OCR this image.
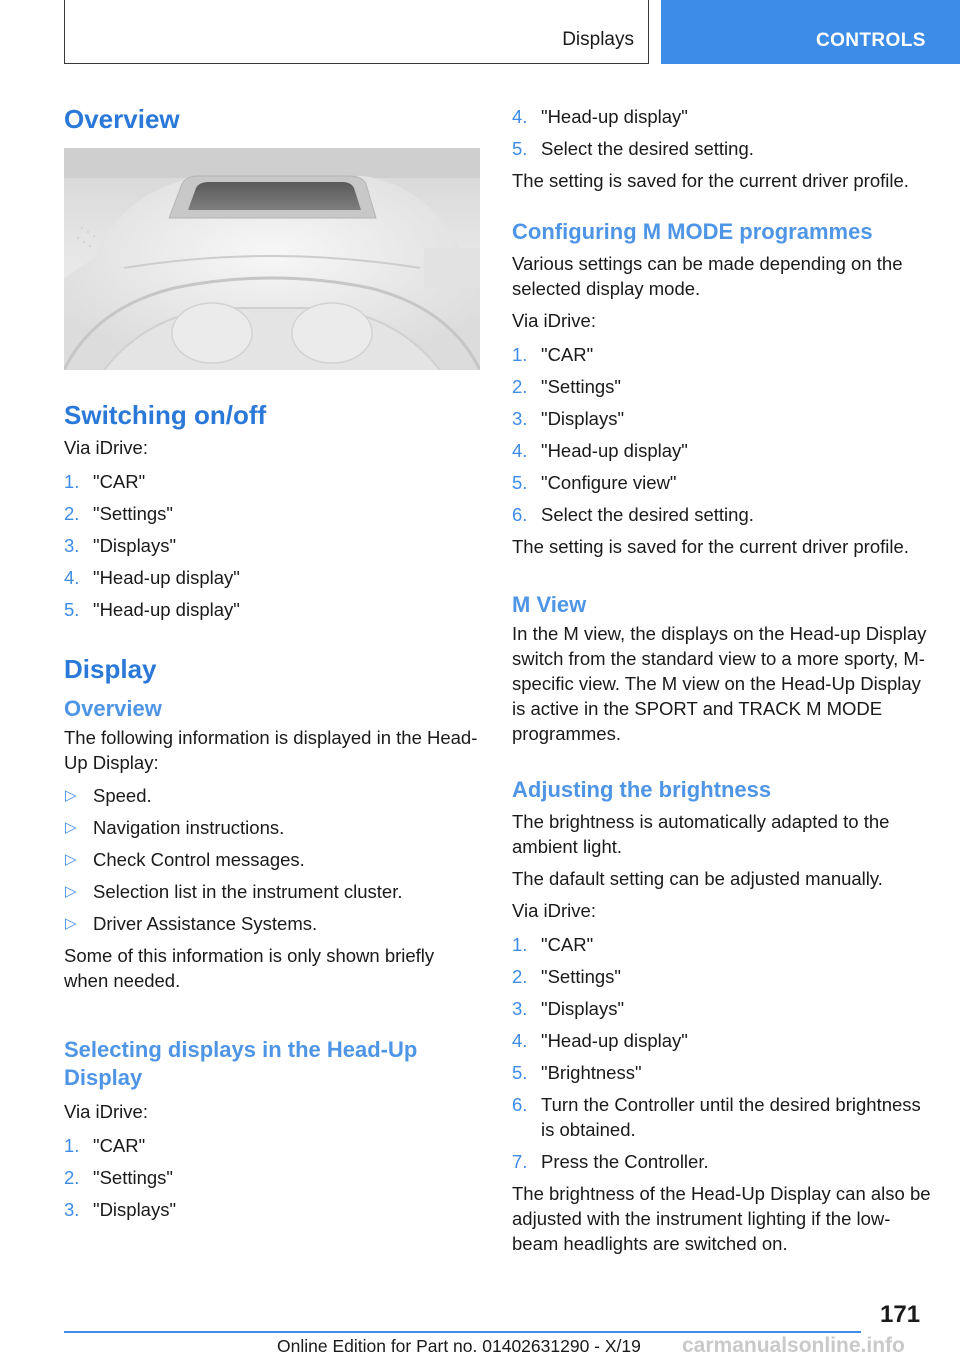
Displays	CONTROLS
Overview
Switching on/off

Via iDrive:

1. "CAR"
2. "Settings"
3. "Displays"
4. "Head-up display"
5. "Head-up display"
Display
Overview

The following information is displayed in the Head-Up Display:

▷ Speed.
▷ Navigation instructions.
▷ Check Control messages.
▷ Selection list in the instrument cluster.
▷ Driver Assistance Systems.

Some of this information is only shown briefly when needed.

Selecting displays in the Head-Up Display

Via iDrive:

1. "CAR"
2. "Settings"
3. "Displays"
4. "Head-up display"
5. Select the desired setting.

The setting is saved for the current driver profile.

Configuring M MODE programmes

Various settings can be made depending on the selected display mode.

Via iDrive:

1. "CAR"
2. "Settings"
3. "Displays"
4. "Head-up display"
5. "Configure view"
6. Select the desired setting.

The setting is saved for the current driver profile.

M View

In the M view, the displays on the Head-up Display switch from the standard view to a more sporty, M-specific view. The M view on the Head-Up Display is active in the SPORT and TRACK M MODE programmes.

Adjusting the brightness

The brightness is automatically adapted to the ambient light.

The dafault setting can be adjusted manually.

Via iDrive:

1. "CAR"
2. "Settings"
3. "Displays"
4. "Head-up display"
5. "Brightness"
6. Turn the Controller until the desired brightness is obtained.
7. Press the Controller.

The brightness of the Head-Up Display can also be adjusted with the instrument lighting if the low-beam headlights are switched on.

171
Online Edition for Part no. 01402631290 - X/19 carmanualsonline.info
